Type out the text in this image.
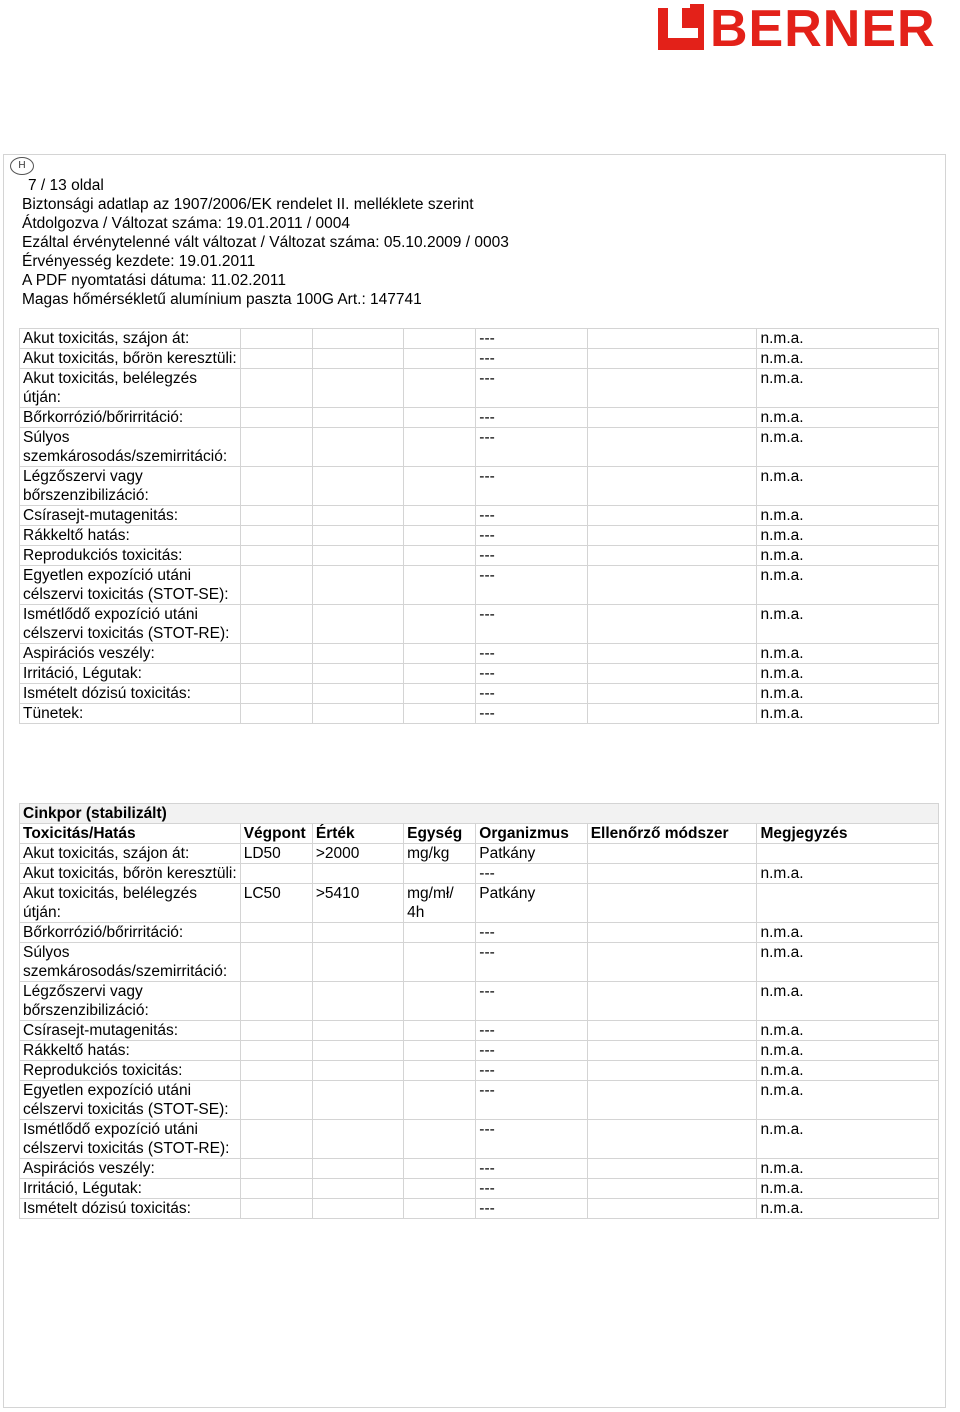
BERNER
H
7 / 13 oldal
Biztonsági adatlap az 1907/2006/EK rendelet II. melléklete szerint
Átdolgozva / Változat száma: 19.01.2011 / 0004
Ezáltal érvénytelenné vált változat / Változat száma: 05.10.2009 / 0003
Érvényesség kezdete: 19.01.2011
A PDF nyomtatási dátuma: 11.02.2011
Magas hőmérsékletű alumínium paszta 100G Art.: 147741
Akut toxicitás, szájon át:				---		n.m.a.
Akut toxicitás, bőrön keresztüli:				---		n.m.a.
Akut toxicitás, belélegzés útján:				---		n.m.a.
Bőrkorrózió/bőrirritáció:				---		n.m.a.
Súlyos szemkárosodás/szemirritáció:				---		n.m.a.
Légzőszervi vagy bőrszenzibilizáció:				---		n.m.a.
Csírasejt-mutagenitás:				---		n.m.a.
Rákkeltő hatás:				---		n.m.a.
Reprodukciós toxicitás:				---		n.m.a.
Egyetlen expozíció utáni célszervi toxicitás (STOT-SE):				---		n.m.a.
Ismétlődő expozíció utáni célszervi toxicitás (STOT-RE):				---		n.m.a.
Aspirációs veszély:				---		n.m.a.
Irritáció, Légutak:				---		n.m.a.
Ismételt dózisú toxicitás:				---		n.m.a.
Tünetek:				---		n.m.a.
Cinkpor (stabilizált)						
Toxicitás/Hatás	Végpont	Érték	Egység	Organizmus	Ellenőrző módszer	Megjegyzés
Akut toxicitás, szájon át:	LD50	>2000	mg/kg	Patkány		
Akut toxicitás, bőrön keresztüli:				---		n.m.a.
Akut toxicitás, belélegzés útján:	LC50	>5410	mg/mł/ 4h	Patkány		
Bőrkorrózió/bőrirritáció:				---		n.m.a.
Súlyos szemkárosodás/szemirritáció:				---		n.m.a.
Légzőszervi vagy bőrszenzibilizáció:				---		n.m.a.
Csírasejt-mutagenitás:				---		n.m.a.
Rákkeltő hatás:				---		n.m.a.
Reprodukciós toxicitás:				---		n.m.a.
Egyetlen expozíció utáni célszervi toxicitás (STOT-SE):				---		n.m.a.
Ismétlődő expozíció utáni célszervi toxicitás (STOT-RE):				---		n.m.a.
Aspirációs veszély:				---		n.m.a.
Irritáció, Légutak:				---		n.m.a.
Ismételt dózisú toxicitás:				---		n.m.a.
